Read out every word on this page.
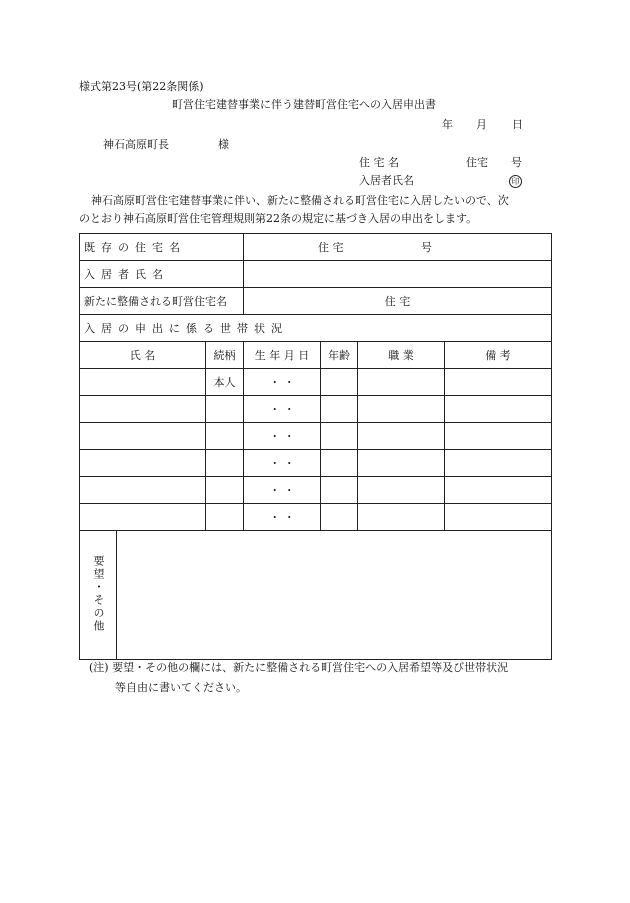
様式第23号(第22条関係)
町営住宅建替事業に伴う建替町営住宅への入居申出書
年 月 日
神石高原町長	様
住 宅 名	住宅 号
入居者氏名	印
神石高原町営住宅建替事業に伴い、新たに整備される町営住宅に入居したいので、次
のとおり神石高原町営住宅管理規則第22条の規定に基づき入居の申出をします。
既存の住宅名			住 宅 号			
入居者氏名						
新たに整備される町営住宅名			住 宅			
入居の申出に係る世帯状況						
氏 名		続柄	生 年 月 日	年齢	職 業	備 考
		本人	・ ・			
			・ ・			
			・ ・			
			・ ・			
			・ ・			
			・ ・			
要望・その他						
(注) 要望・その他の欄には、新たに整備される町営住宅への入居希望等及び世帯状況
等自由に書いてください。
